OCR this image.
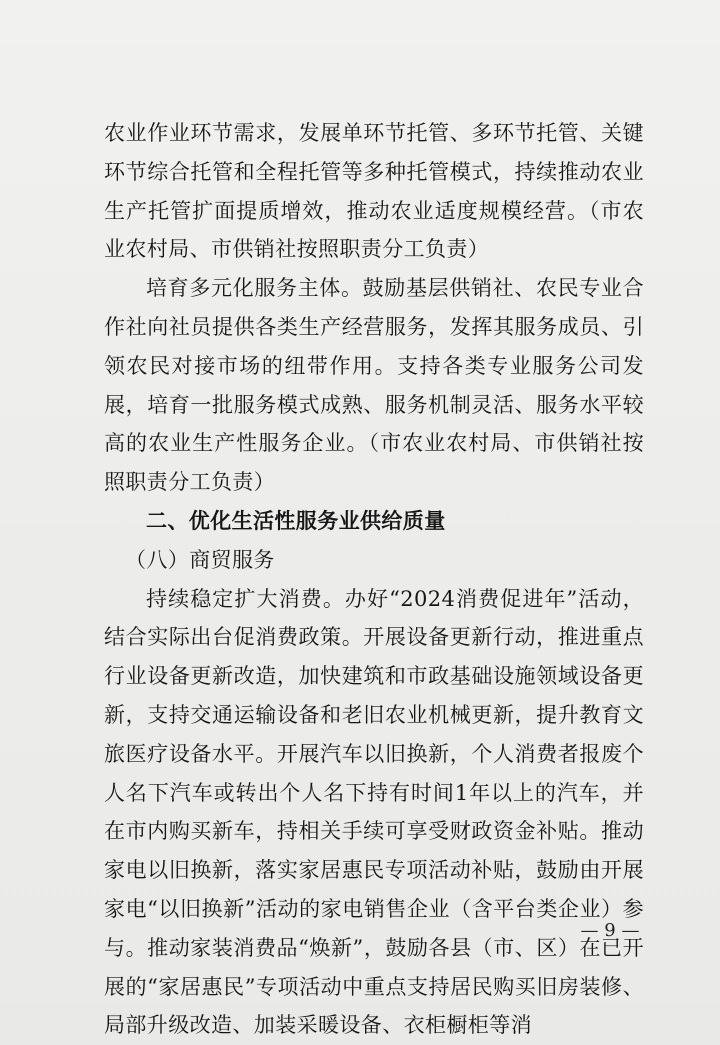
农业作业环节需求，发展单环节托管、多环节托管、关键环节综合托管和全程托管等多种托管模式，持续推动农业生产托管扩面提质增效，推动农业适度规模经营。（市农业农村局、市供销社按照职责分工负责）

培育多元化服务主体。鼓励基层供销社、农民专业合作社向社员提供各类生产经营服务，发挥其服务成员、引领农民对接市场的纽带作用。支持各类专业服务公司发展，培育一批服务模式成熟、服务机制灵活、服务水平较高的农业生产性服务企业。（市农业农村局、市供销社按照职责分工负责）

二、优化生活性服务业供给质量

（八）商贸服务

持续稳定扩大消费。办好“2024消费促进年”活动，结合实际出台促消费政策。开展设备更新行动，推进重点行业设备更新改造，加快建筑和市政基础设施领域设备更新，支持交通运输设备和老旧农业机械更新，提升教育文旅医疗设备水平。开展汽车以旧换新，个人消费者报废个人名下汽车或转出个人名下持有时间1年以上的汽车，并在市内购买新车，持相关手续可享受财政资金补贴。推动家电以旧换新，落实家居惠民专项活动补贴，鼓励由开展家电“以旧换新”活动的家电销售企业（含平台类企业）参与。推动家装消费品“焕新”，鼓励各县（市、区）在已开展的“家居惠民”专项活动中重点支持居民购买旧房装修、局部升级改造、加装采暖设备、衣柜橱柜等消

— 9 —
